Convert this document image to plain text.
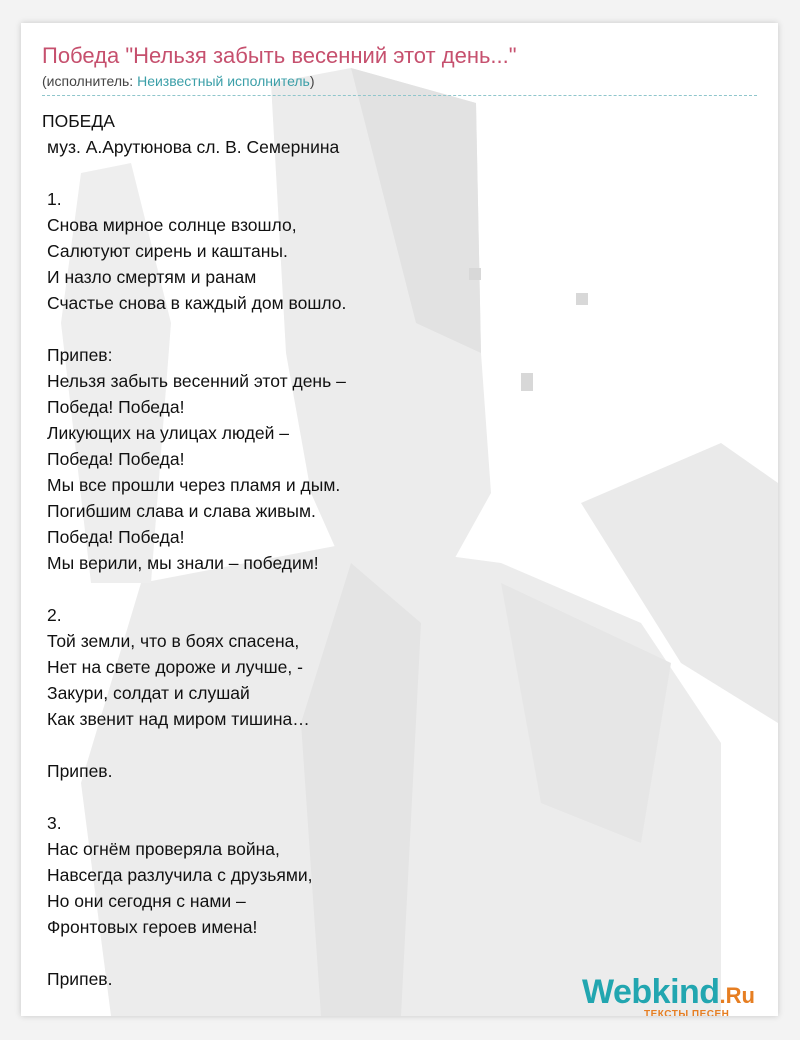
Победа "Нельзя забыть весенний этот день..."
(исполнитель: Неизвестный исполнитель)
ПОБЕДА
муз. А.Арутюнова сл. В. Семернина
1.
Снова мирное солнце взошло,
Салютуют сирень и каштаны.
И назло смертям и ранам
Счастье снова в каждый дом вошло.
Припев:
Нельзя забыть весенний этот день –
Победа! Победа!
Ликующих на улицах людей –
Победа! Победа!
Мы все прошли через пламя и дым.
Погибшим слава и слава живым.
Победа! Победа!
Мы верили, мы знали – победим!
2.
Той земли, что в боях спасена,
Нет на свете дороже и лучше, -
Закури, солдат и слушай
Как звенит над миром тишина…
Припев.
3.
Нас огнём проверяла война,
Навсегда разлучила с друзьями,
Но они сегодня с нами –
Фронтовых героев имена!
Припев.	Webkind.Ru
ТЕКСТЫ ПЕСЕН
